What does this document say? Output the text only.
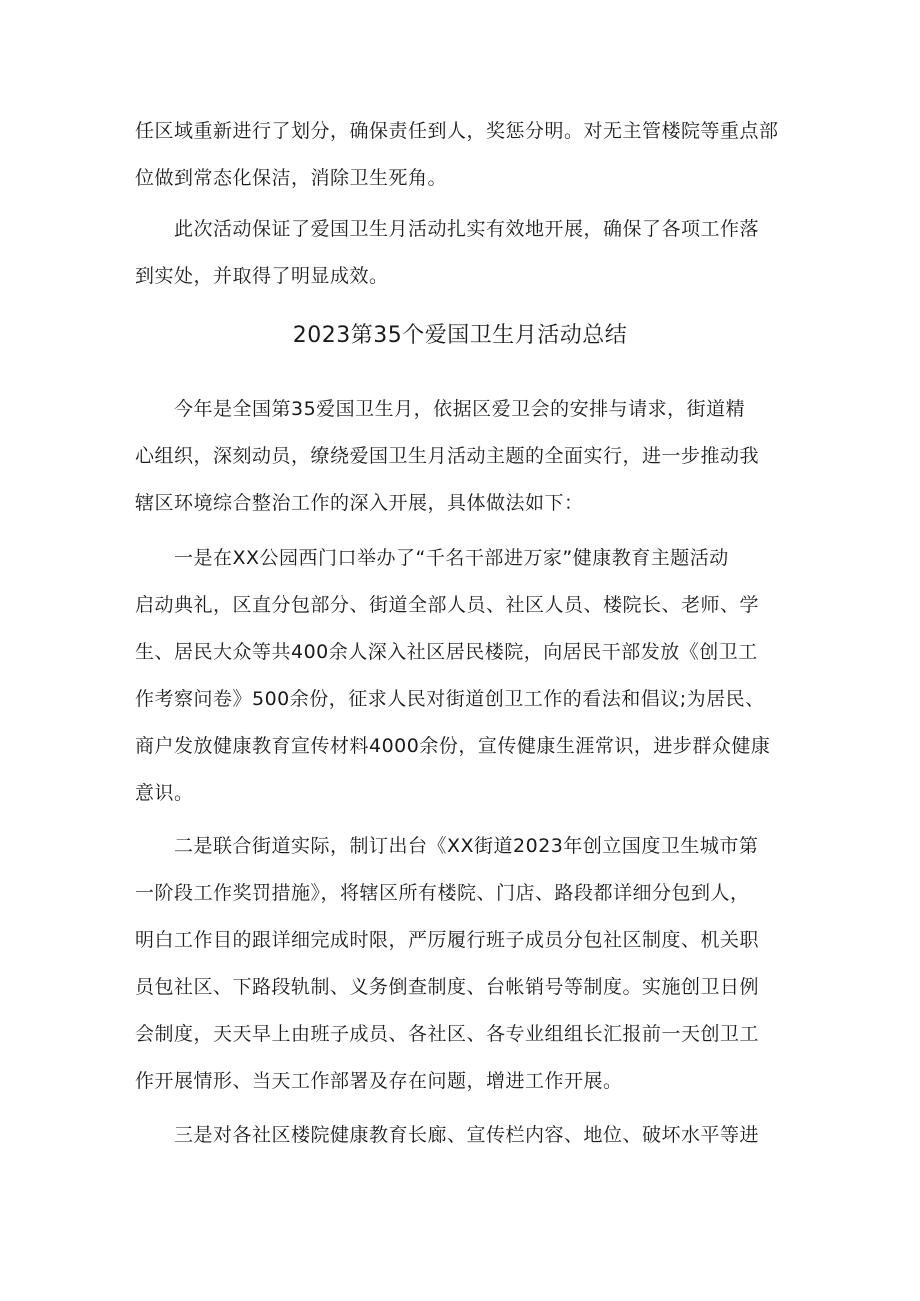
任区域重新进行了划分，确保责任到人，奖惩分明。对无主管楼院等重点部
位做到常态化保洁，消除卫生死角。
　　此次活动保证了爱国卫生月活动扎实有效地开展，确保了各项工作落
到实处，并取得了明显成效。
2023第35个爱国卫生月活动总结
　　今年是全国第35爱国卫生月，依据区爱卫会的安排与请求，街道精
心组织，深刻动员，缭绕爱国卫生月活动主题的全面实行，进一步推动我
辖区环境综合整治工作的深入开展，具体做法如下：
　　一是在XX公园西门口举办了“千名干部进万家”健康教育主题活动
启动典礼，区直分包部分、街道全部人员、社区人员、楼院长、老师、学
生、居民大众等共400余人深入社区居民楼院，向居民干部发放《创卫工
作考察问卷》500余份，征求人民对街道创卫工作的看法和倡议;为居民、
商户发放健康教育宣传材料4000余份，宣传健康生涯常识，进步群众健康
意识。
　　二是联合街道实际，制订出台《XX街道2023年创立国度卫生城市第
一阶段工作奖罚措施》，将辖区所有楼院、门店、路段都详细分包到人，
明白工作目的跟详细完成时限，严厉履行班子成员分包社区制度、机关职
员包社区、下路段轨制、义务倒查制度、台帐销号等制度。实施创卫日例
会制度，天天早上由班子成员、各社区、各专业组组长汇报前一天创卫工
作开展情形、当天工作部署及存在问题，增进工作开展。
　　三是对各社区楼院健康教育长廊、宣传栏内容、地位、破坏水平等进
